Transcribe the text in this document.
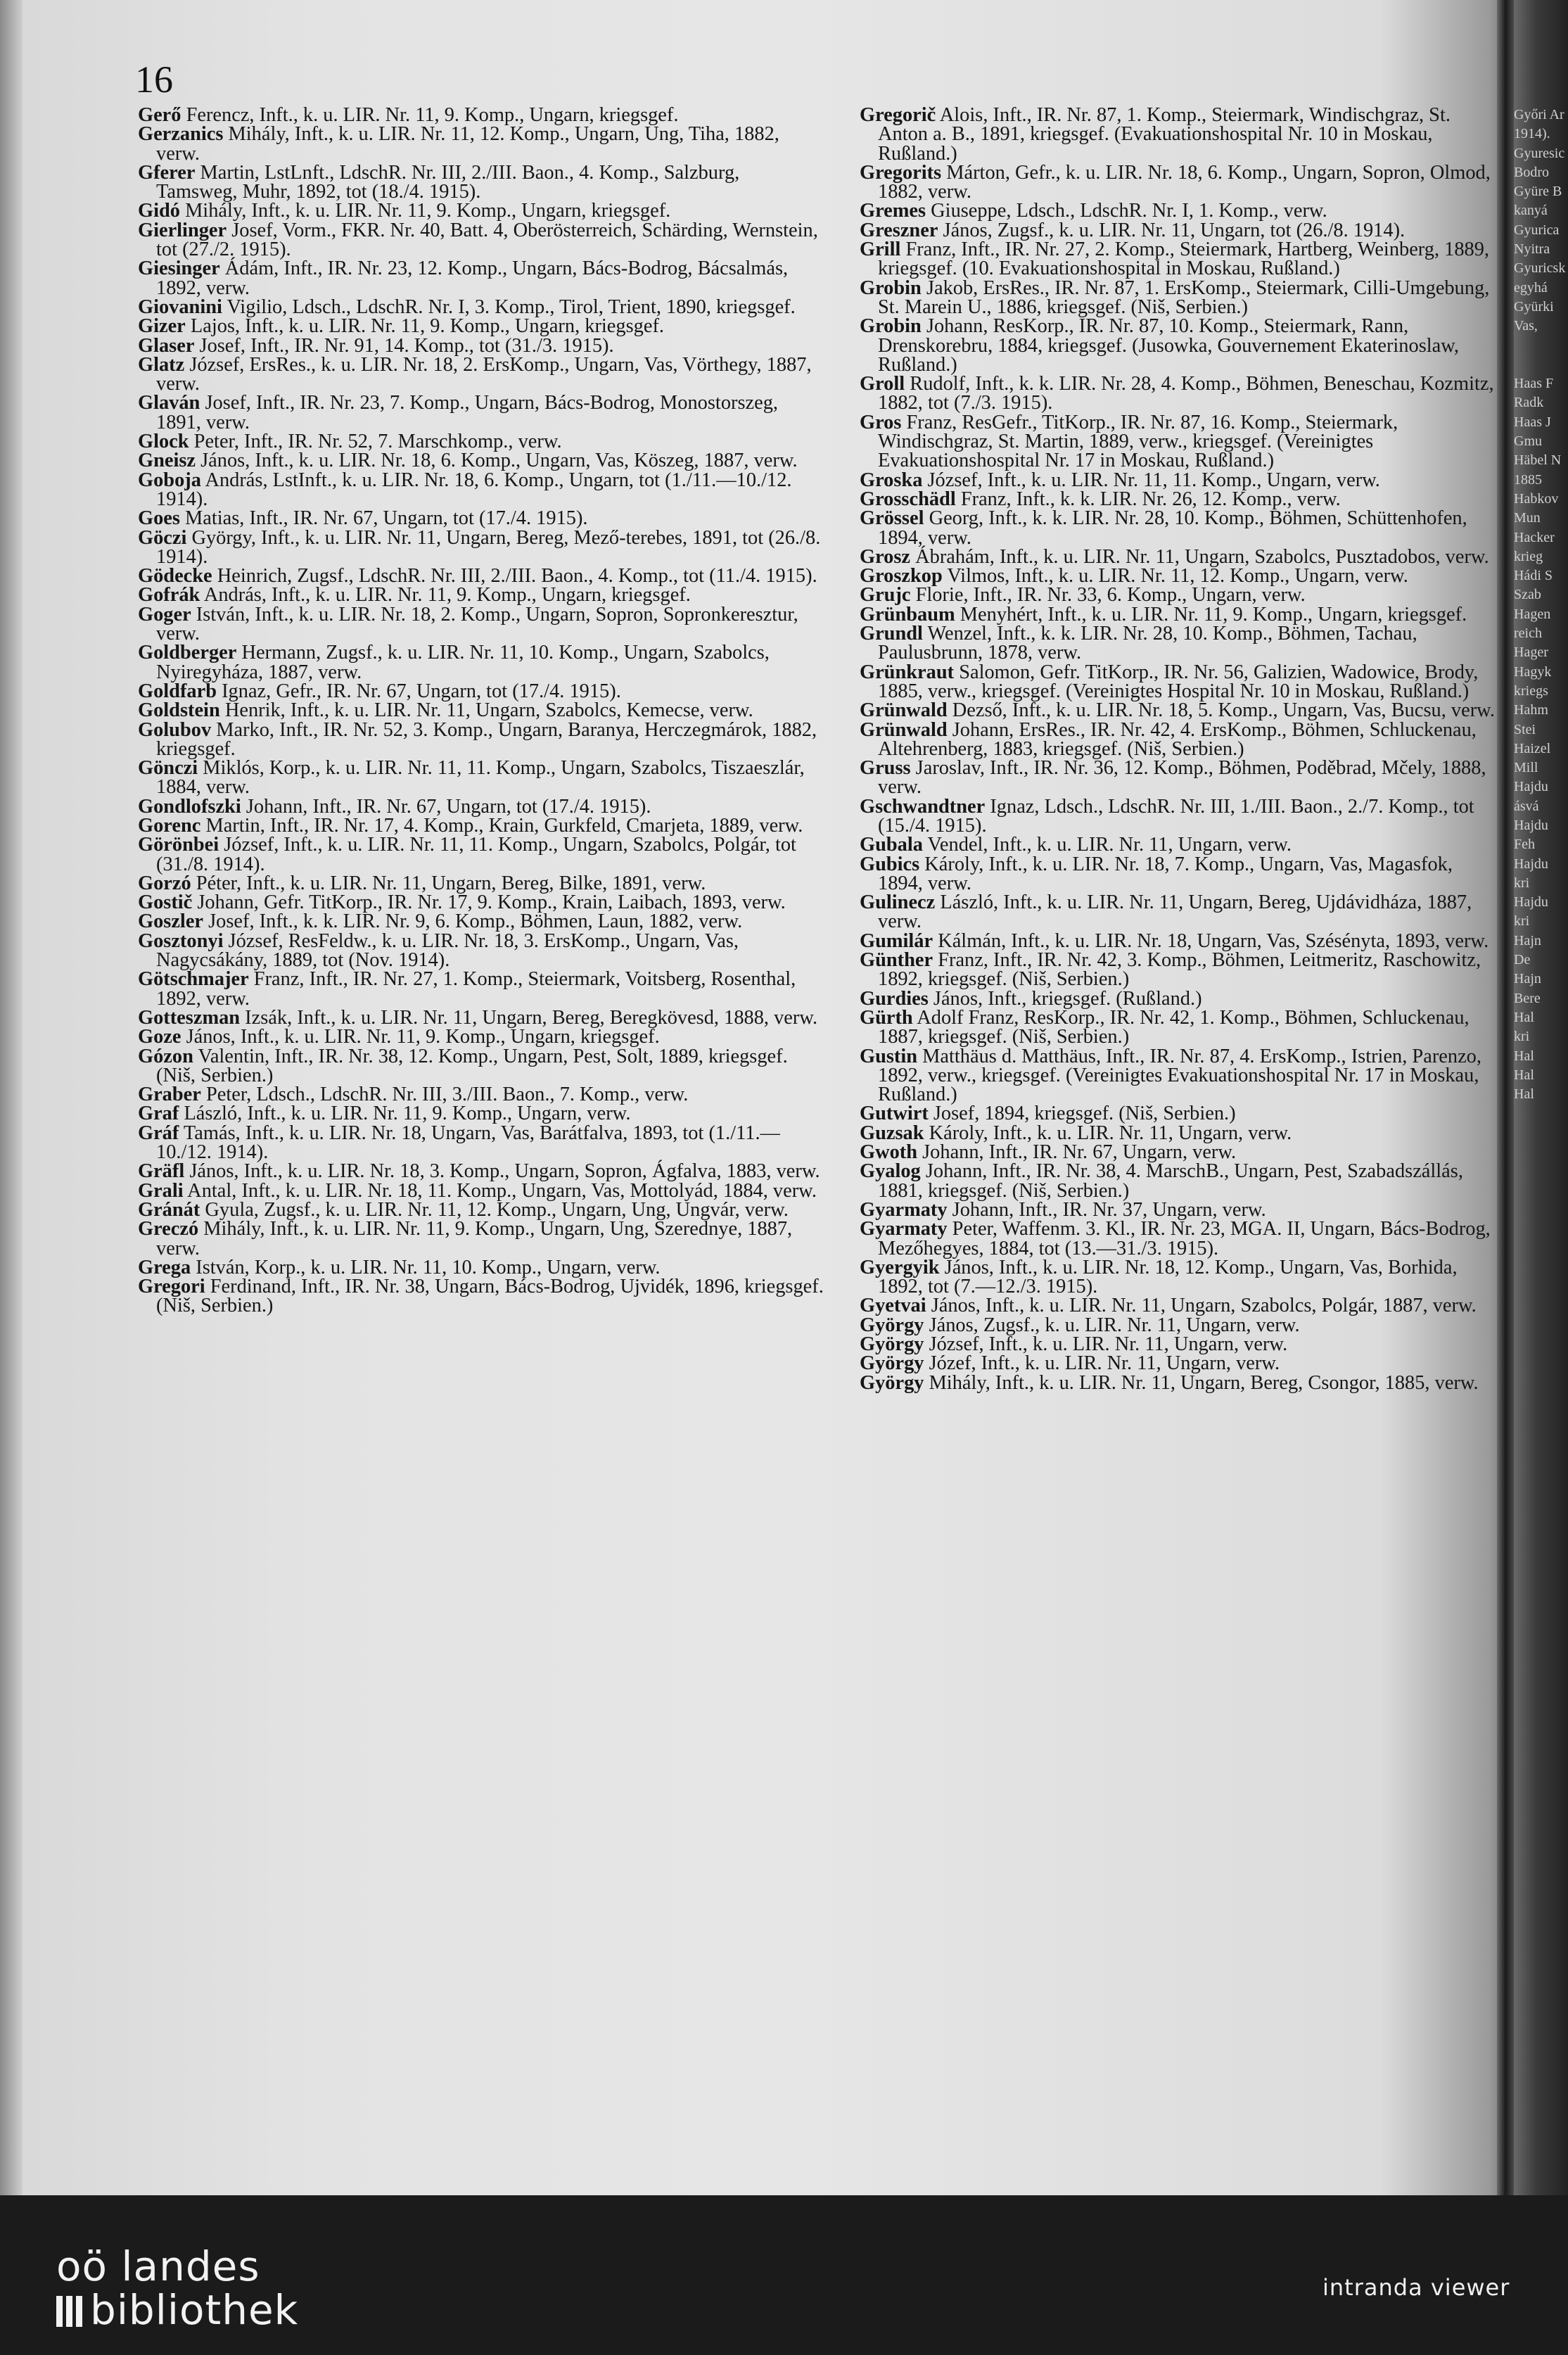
16
Gerő Ferencz, Inft., k. u. LIR. Nr. 11, 9. Komp., Ungarn, kriegsgef.
Gerzanics Mihály, Inft., k. u. LIR. Nr. 11, 12. Komp., Ungarn, Ung, Tiha, 1882, verw.
Gferer Martin, LstLnft., LdschR. Nr. III, 2./III. Baon., 4. Komp., Salzburg, Tamsweg, Muhr, 1892, tot (18./4. 1915).
Gidó Mihály, Inft., k. u. LIR. Nr. 11, 9. Komp., Ungarn, kriegsgef.
Gierlinger Josef, Vorm., FKR. Nr. 40, Batt. 4, Oberösterreich, Schärding, Wernstein, tot (27./2. 1915).
Giesinger Ádám, Inft., IR. Nr. 23, 12. Komp., Ungarn, Bács-Bodrog, Bácsalmás, 1892, verw.
Giovanini Vigilio, Ldsch., LdschR. Nr. I, 3. Komp., Tirol, Trient, 1890, kriegsgef.
Gizer Lajos, Inft., k. u. LIR. Nr. 11, 9. Komp., Ungarn, kriegsgef.
Glaser Josef, Inft., IR. Nr. 91, 14. Komp., tot (31./3. 1915).
Glatz József, ErsRes., k. u. LIR. Nr. 18, 2. ErsKomp., Ungarn, Vas, Vörthegy, 1887, verw.
Glaván Josef, Inft., IR. Nr. 23, 7. Komp., Ungarn, Bács-Bodrog, Monostorszeg, 1891, verw.
Glock Peter, Inft., IR. Nr. 52, 7. Marschkomp., verw.
Gneisz János, Inft., k. u. LIR. Nr. 18, 6. Komp., Ungarn, Vas, Köszeg, 1887, verw.
Goboja András, LstInft., k. u. LIR. Nr. 18, 6. Komp., Ungarn, tot (1./11.—10./12. 1914).
Goes Matias, Inft., IR. Nr. 67, Ungarn, tot (17./4. 1915).
Göczi György, Inft., k. u. LIR. Nr. 11, Ungarn, Bereg, Mező-terebes, 1891, tot (26./8. 1914).
Gödecke Heinrich, Zugsf., LdschR. Nr. III, 2./III. Baon., 4. Komp., tot (11./4. 1915).
Gofrák András, Inft., k. u. LIR. Nr. 11, 9. Komp., Ungarn, kriegsgef.
Goger István, Inft., k. u. LIR. Nr. 18, 2. Komp., Ungarn, Sopron, Sopronkeresztur, verw.
Goldberger Hermann, Zugsf., k. u. LIR. Nr. 11, 10. Komp., Ungarn, Szabolcs, Nyiregyháza, 1887, verw.
Goldfarb Ignaz, Gefr., IR. Nr. 67, Ungarn, tot (17./4. 1915).
Goldstein Henrik, Inft., k. u. LIR. Nr. 11, Ungarn, Szabolcs, Kemecse, verw.
Golubov Marko, Inft., IR. Nr. 52, 3. Komp., Ungarn, Baranya, Herczegmárok, 1882, kriegsgef.
Gönczi Miklós, Korp., k. u. LIR. Nr. 11, 11. Komp., Ungarn, Szabolcs, Tiszaeszlár, 1884, verw.
Gondlofszki Johann, Inft., IR. Nr. 67, Ungarn, tot (17./4. 1915).
Gorenc Martin, Inft., IR. Nr. 17, 4. Komp., Krain, Gurkfeld, Cmarjeta, 1889, verw.
Görönbei József, Inft., k. u. LIR. Nr. 11, 11. Komp., Ungarn, Szabolcs, Polgár, tot (31./8. 1914).
Gorzó Péter, Inft., k. u. LIR. Nr. 11, Ungarn, Bereg, Bilke, 1891, verw.
Gostič Johann, Gefr. TitKorp., IR. Nr. 17, 9. Komp., Krain, Laibach, 1893, verw.
Goszler Josef, Inft., k. k. LIR. Nr. 9, 6. Komp., Böhmen, Laun, 1882, verw.
Gosztonyi József, ResFeldw., k. u. LIR. Nr. 18, 3. ErsKomp., Ungarn, Vas, Nagycsákány, 1889, tot (Nov. 1914).
Götschmajer Franz, Inft., IR. Nr. 27, 1. Komp., Steiermark, Voitsberg, Rosenthal, 1892, verw.
Gotteszman Izsák, Inft., k. u. LIR. Nr. 11, Ungarn, Bereg, Beregkövesd, 1888, verw.
Goze János, Inft., k. u. LIR. Nr. 11, 9. Komp., Ungarn, kriegsgef.
Gózon Valentin, Inft., IR. Nr. 38, 12. Komp., Ungarn, Pest, Solt, 1889, kriegsgef. (Niš, Serbien.)
Graber Peter, Ldsch., LdschR. Nr. III, 3./III. Baon., 7. Komp., verw.
Graf László, Inft., k. u. LIR. Nr. 11, 9. Komp., Ungarn, verw.
Gráf Tamás, Inft., k. u. LIR. Nr. 18, Ungarn, Vas, Barátfalva, 1893, tot (1./11.—10./12. 1914).
Gräfl János, Inft., k. u. LIR. Nr. 18, 3. Komp., Ungarn, Sopron, Ágfalva, 1883, verw.
Grali Antal, Inft., k. u. LIR. Nr. 18, 11. Komp., Ungarn, Vas, Mottolyád, 1884, verw.
Gránát Gyula, Zugsf., k. u. LIR. Nr. 11, 12. Komp., Ungarn, Ung, Ungvár, verw.
Greczó Mihály, Inft., k. u. LIR. Nr. 11, 9. Komp., Ungarn, Ung, Szerednye, 1887, verw.
Grega István, Korp., k. u. LIR. Nr. 11, 10. Komp., Ungarn, verw.
Gregori Ferdinand, Inft., IR. Nr. 38, Ungarn, Bács-Bodrog, Ujvidék, 1896, kriegsgef. (Niš, Serbien.)
Gregorič Alois, Inft., IR. Nr. 87, 1. Komp., Steiermark, Windischgraz, St. Anton a. B., 1891, kriegsgef. (Evakuationshospital Nr. 10 in Moskau, Rußland.)
Gregorits Márton, Gefr., k. u. LIR. Nr. 18, 6. Komp., Ungarn, Sopron, Olmod, 1882, verw.
Gremes Giuseppe, Ldsch., LdschR. Nr. I, 1. Komp., verw.
Greszner János, Zugsf., k. u. LIR. Nr. 11, Ungarn, tot (26./8. 1914).
Grill Franz, Inft., IR. Nr. 27, 2. Komp., Steiermark, Hartberg, Weinberg, 1889, kriegsgef. (10. Evakuationshospital in Moskau, Rußland.)
Grobin Jakob, ErsRes., IR. Nr. 87, 1. ErsKomp., Steiermark, Cilli-Umgebung, St. Marein U., 1886, kriegsgef. (Niš, Serbien.)
Grobin Johann, ResKorp., IR. Nr. 87, 10. Komp., Steiermark, Rann, Drenskorebru, 1884, kriegsgef. (Jusowka, Gouvernement Ekaterinoslaw, Rußland.)
Groll Rudolf, Inft., k. k. LIR. Nr. 28, 4. Komp., Böhmen, Beneschau, Kozmitz, 1882, tot (7./3. 1915).
Gros Franz, ResGefr., TitKorp., IR. Nr. 87, 16. Komp., Steiermark, Windischgraz, St. Martin, 1889, verw., kriegsgef. (Vereinigtes Evakuationshospital Nr. 17 in Moskau, Rußland.)
Groska József, Inft., k. u. LIR. Nr. 11, 11. Komp., Ungarn, verw.
Grosschädl Franz, Inft., k. k. LIR. Nr. 26, 12. Komp., verw.
Grössel Georg, Inft., k. k. LIR. Nr. 28, 10. Komp., Böhmen, Schüttenhofen, 1894, verw.
Grosz Ábrahám, Inft., k. u. LIR. Nr. 11, Ungarn, Szabolcs, Pusztadobos, verw.
Groszkop Vilmos, Inft., k. u. LIR. Nr. 11, 12. Komp., Ungarn, verw.
Grujc Florie, Inft., IR. Nr. 33, 6. Komp., Ungarn, verw.
Grünbaum Menyhért, Inft., k. u. LIR. Nr. 11, 9. Komp., Ungarn, kriegsgef.
Grundl Wenzel, Inft., k. k. LIR. Nr. 28, 10. Komp., Böhmen, Tachau, Paulusbrunn, 1878, verw.
Grünkraut Salomon, Gefr. TitKorp., IR. Nr. 56, Galizien, Wadowice, Brody, 1885, verw., kriegsgef. (Vereinigtes Hospital Nr. 10 in Moskau, Rußland.)
Grünwald Dezső, Inft., k. u. LIR. Nr. 18, 5. Komp., Ungarn, Vas, Bucsu, verw.
Grünwald Johann, ErsRes., IR. Nr. 42, 4. ErsKomp., Böhmen, Schluckenau, Altehrenberg, 1883, kriegsgef. (Niš, Serbien.)
Gruss Jaroslav, Inft., IR. Nr. 36, 12. Komp., Böhmen, Poděbrad, Mčely, 1888, verw.
Gschwandtner Ignaz, Ldsch., LdschR. Nr. III, 1./III. Baon., 2./7. Komp., tot (15./4. 1915).
Gubala Vendel, Inft., k. u. LIR. Nr. 11, Ungarn, verw.
Gubics Károly, Inft., k. u. LIR. Nr. 18, 7. Komp., Ungarn, Vas, Magasfok, 1894, verw.
Gulinecz László, Inft., k. u. LIR. Nr. 11, Ungarn, Bereg, Ujdávidháza, 1887, verw.
Gumilár Kálmán, Inft., k. u. LIR. Nr. 18, Ungarn, Vas, Szésényta, 1893, verw.
Günther Franz, Inft., IR. Nr. 42, 3. Komp., Böhmen, Leitmeritz, Raschowitz, 1892, kriegsgef. (Niš, Serbien.)
Gurdies János, Inft., kriegsgef. (Rußland.)
Gürth Adolf Franz, ResKorp., IR. Nr. 42, 1. Komp., Böhmen, Schluckenau, 1887, kriegsgef. (Niš, Serbien.)
Gustin Matthäus d. Matthäus, Inft., IR. Nr. 87, 4. ErsKomp., Istrien, Parenzo, 1892, verw., kriegsgef. (Vereinigtes Evakuationshospital Nr. 17 in Moskau, Rußland.)
Gutwirt Josef, 1894, kriegsgef. (Niš, Serbien.)
Guzsak Károly, Inft., k. u. LIR. Nr. 11, Ungarn, verw.
Gwoth Johann, Inft., IR. Nr. 67, Ungarn, verw.
Gyalog Johann, Inft., IR. Nr. 38, 4. MarschB., Ungarn, Pest, Szabadszállás, 1881, kriegsgef. (Niš, Serbien.)
Gyarmaty Johann, Inft., IR. Nr. 37, Ungarn, verw.
Gyarmaty Peter, Waffenm. 3. Kl., IR. Nr. 23, MGA. II, Ungarn, Bács-Bodrog, Mezőhegyes, 1884, tot (13.—31./3. 1915).
Gyergyik János, Inft., k. u. LIR. Nr. 18, 12. Komp., Ungarn, Vas, Borhida, 1892, tot (7.—12./3. 1915).
Gyetvai János, Inft., k. u. LIR. Nr. 11, Ungarn, Szabolcs, Polgár, 1887, verw.
György János, Zugsf., k. u. LIR. Nr. 11, Ungarn, verw.
György József, Inft., k. u. LIR. Nr. 11, Ungarn, verw.
György Józef, Inft., k. u. LIR. Nr. 11, Ungarn, verw.
György Mihály, Inft., k. u. LIR. Nr. 11, Ungarn, Bereg, Csongor, 1885, verw.
Győri Ar
1914).
Gyuresic
Bodro
Gyüre B
kanyá
Gyurica
Nyitra
Gyuricsk
egyhá
Gyürki
Vas,
Haas F
Radk
Haas J
Gmu
Häbel N
1885
Habkov
Mun
Hacker
krieg
Hádi S
Szab
Hagen
reich
Hager
Hagyk
kriegs
Hahm
Stei
Haizel
Mill
Hajdu
ásvá
Hajdu
Feh
Hajdu
kri
Hajdu
kri
Hajn
De
Hajn
Bere
Hal
kri
Hal
Hal
Hal
oö landes
bibliothek	intranda viewer
